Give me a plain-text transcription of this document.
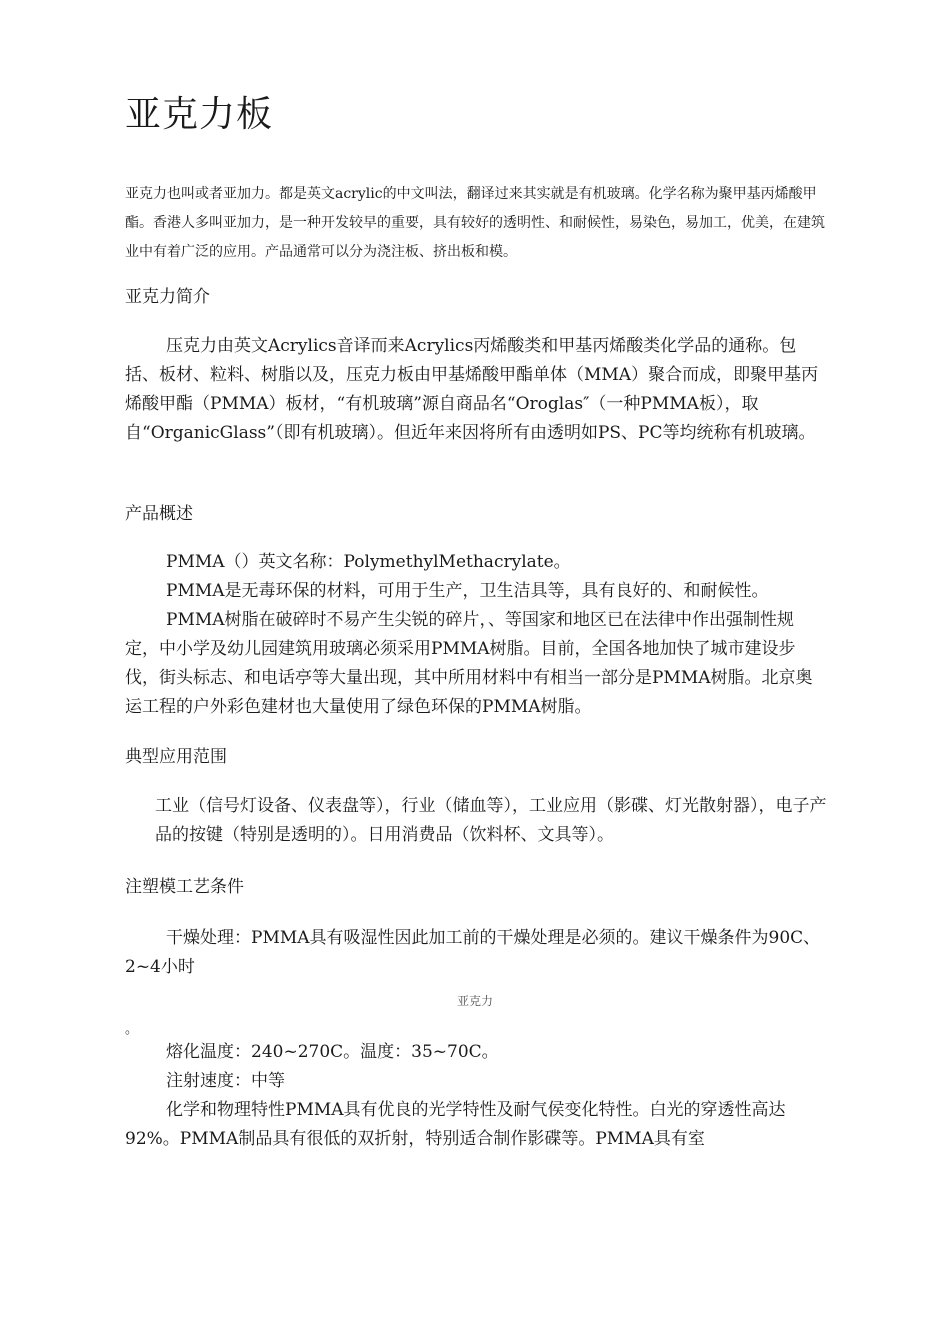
亚克力板

亚克力也叫或者亚加力。都是英文acrylic的中文叫法，翻译过来其实就是有机玻璃。化学名称为聚甲基丙烯酸甲酯。香港人多叫亚加力，是一种开发较早的重要，具有较好的透明性、和耐候性，易染色，易加工，优美，在建筑业中有着广泛的应用。产品通常可以分为浇注板、挤出板和模。

亚克力简介

压克力由英文Acrylics音译而来Acrylics丙烯酸类和甲基丙烯酸类化学品的通称。包括、板材、粒料、树脂以及，压克力板由甲基烯酸甲酯单体（MMA）聚合而成，即聚甲基丙烯酸甲酯（PMMA）板材，“有机玻璃”源自商品名“Oroglas″（一种PMMA板），取自“OrganicGlass”（即有机玻璃）。但近年来因将所有由透明如PS、PC等均统称有机玻璃。

产品概述

PMMA（）英文名称：PolymethylMethacrylate。

PMMA是无毒环保的材料，可用于生产，卫生洁具等，具有良好的、和耐候性。

PMMA树脂在破碎时不易产生尖锐的碎片，、等国家和地区已在法律中作出强制性规定，中小学及幼儿园建筑用玻璃必须采用PMMA树脂。目前，全国各地加快了城市建设步伐，街头标志、和电话亭等大量出现，其中所用材料中有相当一部分是PMMA树脂。北京奥运工程的户外彩色建材也大量使用了绿色环保的PMMA树脂。

典型应用范围

工业（信号灯设备、仪表盘等），行业（储血等），工业应用（影碟、灯光散射器），电子产品的按键（特别是透明的）。日用消费品（饮料杯、文具等）。

注塑模工艺条件

干燥处理：PMMA具有吸湿性因此加工前的干燥处理是必须的。建议干燥条件为90C、2~4小时

亚克力

。

熔化温度：240~270C。温度：35~70C。

注射速度：中等

化学和物理特性PMMA具有优良的光学特性及耐气侯变化特性。白光的穿透性高达92%。PMMA制品具有很低的双折射，特别适合制作影碟等。PMMA具有室
